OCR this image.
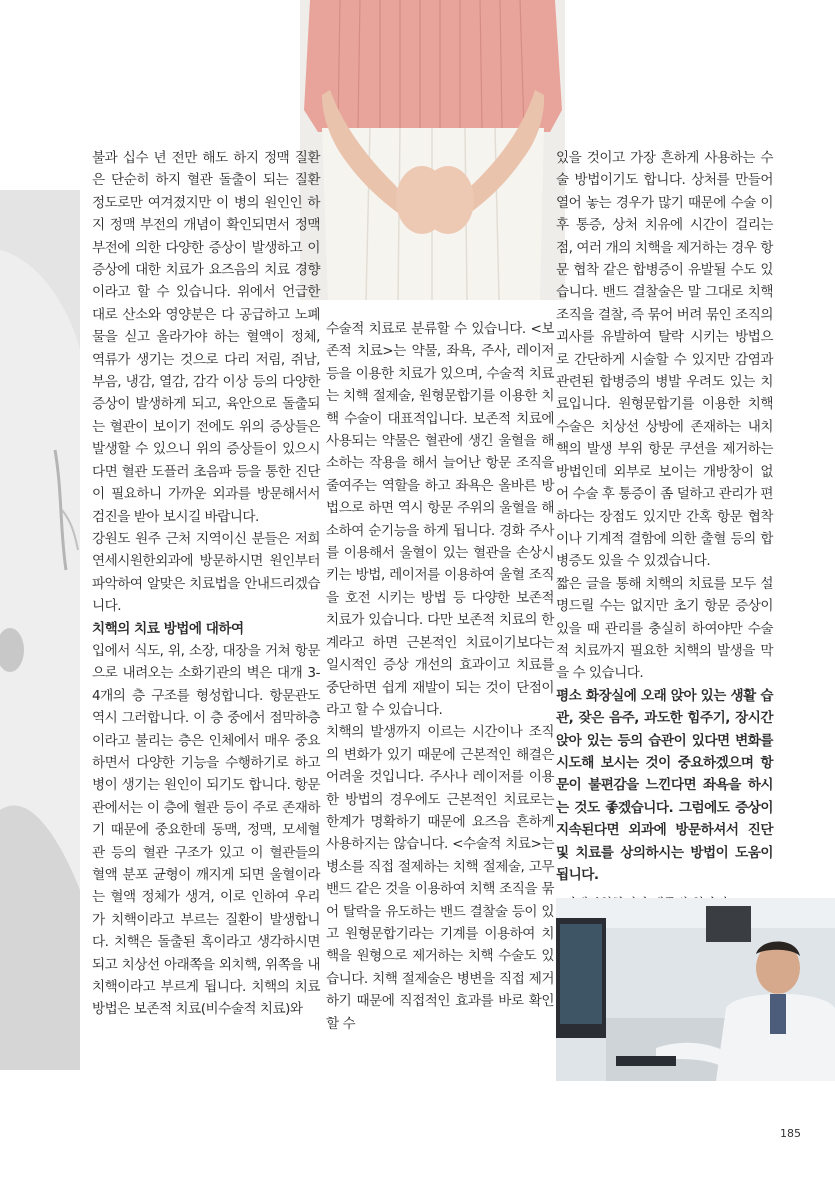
불과 십수 년 전만 해도 하지 정맥 질환은 단순히 하지 혈관 돌출이 되는 질환 정도로만 여겨졌지만 이 병의 원인인 하지 정맥 부전의 개념이 확인되면서 정맥 부전에 의한 다양한 증상이 발생하고 이 증상에 대한 치료가 요즈음의 치료 경향이라고 할 수 있습니다. 위에서 언급한 대로 산소와 영양분은 다 공급하고 노폐물을 싣고 올라가야 하는 혈액이 정체, 역류가 생기는 것으로 다리 저림, 쥐남, 부음, 냉감, 열감, 감각 이상 등의 다양한 증상이 발생하게 되고, 육안으로 돌출되는 혈관이 보이기 전에도 위의 증상들은 발생할 수 있으니 위의 증상들이 있으시다면 혈관 도플러 초음파 등을 통한 진단이 필요하니 가까운 외과를 방문해서서 검진을 받아 보시길 바랍니다.

강원도 원주 근처 지역이신 분들은 저희 연세시원한외과에 방문하시면 원인부터 파악하여 알맞은 치료법을 안내드리겠습니다.

치핵의 치료 방법에 대하여

입에서 식도, 위, 소장, 대장을 거쳐 항문으로 내려오는 소화기관의 벽은 대개 3-4개의 층 구조를 형성합니다. 항문관도 역시 그러합니다. 이 층 중에서 점막하층이라고 불리는 층은 인체에서 매우 중요하면서 다양한 기능을 수행하기로 하고 병이 생기는 원인이 되기도 합니다. 항문관에서는 이 층에 혈관 등이 주로 존재하기 때문에 중요한데 동맥, 정맥, 모세혈관 등의 혈관 구조가 있고 이 혈관들의 혈액 분포 균형이 깨지게 되면 울혈이라는 혈액 정체가 생겨, 이로 인하여 우리가 치핵이라고 부르는 질환이 발생합니다. 치핵은 돌출된 혹이라고 생각하시면 되고 치상선 아래쪽을 외치핵, 위쪽을 내치핵이라고 부르게 됩니다. 치핵의 치료 방법은 보존적 치료(비수술적 치료)와

수술적 치료로 분류할 수 있습니다. <보존적 치료>는 약물, 좌욕, 주사, 레이저 등을 이용한 치료가 있으며, 수술적 치료는 치핵 절제술, 원형문합기를 이용한 치핵 수술이 대표적입니다. 보존적 치료에 사용되는 약물은 혈관에 생긴 울혈을 해소하는 작용을 해서 늘어난 항문 조직을 줄여주는 역할을 하고 좌욕은 올바른 방법으로 하면 역시 항문 주위의 울혈을 해소하여 순기능을 하게 됩니다. 경화 주사를 이용해서 울혈이 있는 혈관을 손상시키는 방법, 레이저를 이용하여 울혈 조직을 호전 시키는 방법 등 다양한 보존적 치료가 있습니다. 다만 보존적 치료의 한계라고 하면 근본적인 치료이기보다는 일시적인 증상 개선의 효과이고 치료를 중단하면 쉽게 재발이 되는 것이 단점이라고 할 수 있습니다.

치핵의 발생까지 이르는 시간이나 조직의 변화가 있기 때문에 근본적인 해결은 어려울 것입니다. 주사나 레이저를 이용한 방법의 경우에도 근본적인 치료로는 한계가 명확하기 때문에 요즈음 흔하게 사용하지는 않습니다. <수술적 치료>는 병소를 직접 절제하는 치핵 절제술, 고무 밴드 같은 것을 이용하여 치핵 조직을 묶어 탈락을 유도하는 밴드 결찰술 등이 있고 원형문합기라는 기계를 이용하여 치핵을 원형으로 제거하는 치핵 수술도 있습니다. 치핵 절제술은 병변을 직접 제거하기 때문에 직접적인 효과를 바로 확인할 수

있을 것이고 가장 흔하게 사용하는 수술 방법이기도 합니다. 상처를 만들어 열어 놓는 경우가 많기 때문에 수술 이후 통증, 상처 치유에 시간이 걸리는 점, 여러 개의 치핵을 제거하는 경우 항문 협착 같은 합병증이 유발될 수도 있습니다. 밴드 결찰술은 말 그대로 치핵 조직을 결찰, 즉 묶어 버려 묶인 조직의 괴사를 유발하여 탈락 시키는 방법으로 간단하게 시술할 수 있지만 감염과 관련된 합병증의 병발 우려도 있는 치료입니다. 원형문합기를 이용한 치핵 수술은 치상선 상방에 존재하는 내치핵의 발생 부위 항문 쿠션을 제거하는 방법인데 외부로 보이는 개방창이 없어 수술 후 통증이 좀 덜하고 관리가 편하다는 장점도 있지만 간혹 항문 협착이나 기계적 결함에 의한 출혈 등의 합병증도 있을 수 있겠습니다.

짧은 글을 통해 치핵의 치료를 모두 설명드릴 수는 없지만 초기 항문 증상이 있을 때 관리를 충실히 하여야만 수술적 치료까지 필요한 치핵의 발생을 막을 수 있습니다.

평소 화장실에 오래 앉아 있는 생활 습관, 잦은 음주, 과도한 힘주기, 장시간 앉아 있는 등의 습관이 있다면 변화를 시도해 보시는 것이 중요하겠으며 항문이 불편감을 느낀다면 좌욕을 하시는 것도 좋겠습니다. 그럼에도 증상이 지속된다면 외과에 방문하셔서 진단 및 치료를 상의하시는 방법이 도움이 됩니다.

185
